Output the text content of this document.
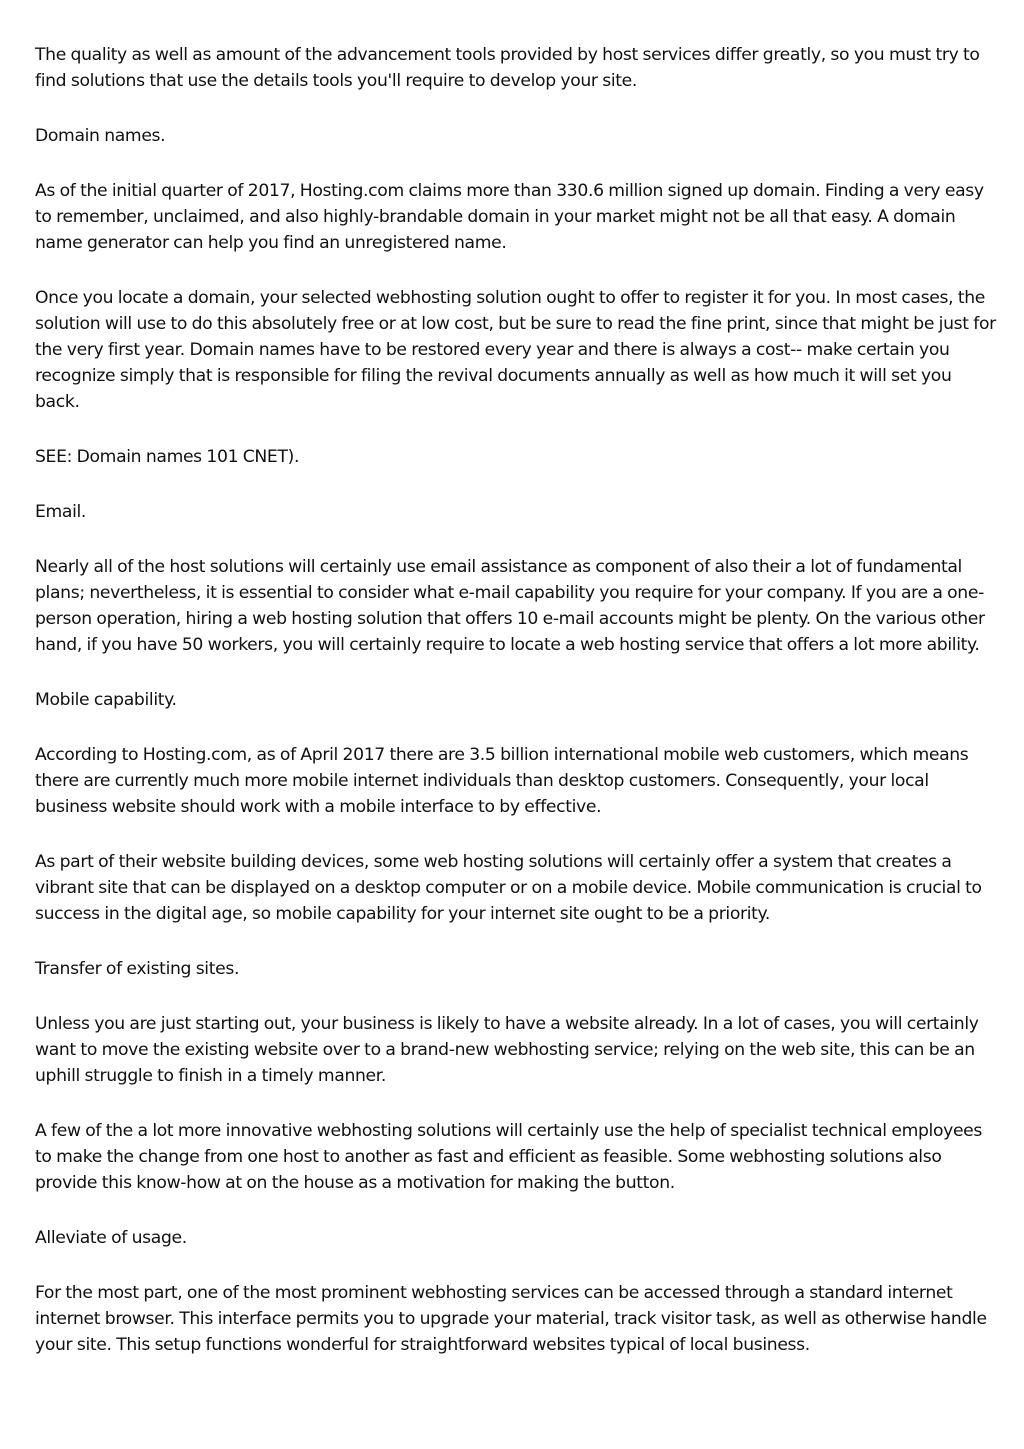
The quality as well as amount of the advancement tools provided by host services differ greatly, so you must try to find solutions that use the details tools you'll require to develop your site.

Domain names.

As of the initial quarter of 2017, Hosting.com claims more than 330.6 million signed up domain. Finding a very easy to remember, unclaimed, and also highly-brandable domain in your market might not be all that easy. A domain name generator can help you find an unregistered name.

Once you locate a domain, your selected webhosting solution ought to offer to register it for you. In most cases, the solution will use to do this absolutely free or at low cost, but be sure to read the fine print, since that might be just for the very first year. Domain names have to be restored every year and there is always a cost-- make certain you recognize simply that is responsible for filing the revival documents annually as well as how much it will set you back.

SEE: Domain names 101 CNET).

Email.

Nearly all of the host solutions will certainly use email assistance as component of also their a lot of fundamental plans; nevertheless, it is essential to consider what e-mail capability you require for your company. If you are a one-person operation, hiring a web hosting solution that offers 10 e-mail accounts might be plenty. On the various other hand, if you have 50 workers, you will certainly require to locate a web hosting service that offers a lot more ability.

Mobile capability.

According to Hosting.com, as of April 2017 there are 3.5 billion international mobile web customers, which means there are currently much more mobile internet individuals than desktop customers. Consequently, your local business website should work with a mobile interface to by effective.

As part of their website building devices, some web hosting solutions will certainly offer a system that creates a vibrant site that can be displayed on a desktop computer or on a mobile device. Mobile communication is crucial to success in the digital age, so mobile capability for your internet site ought to be a priority.

Transfer of existing sites.

Unless you are just starting out, your business is likely to have a website already. In a lot of cases, you will certainly want to move the existing website over to a brand-new webhosting service; relying on the web site, this can be an uphill struggle to finish in a timely manner.

A few of the a lot more innovative webhosting solutions will certainly use the help of specialist technical employees to make the change from one host to another as fast and efficient as feasible. Some webhosting solutions also provide this know-how at on the house as a motivation for making the button.

Alleviate of usage.

For the most part, one of the most prominent webhosting services can be accessed through a standard internet internet browser. This interface permits you to upgrade your material, track visitor task, as well as otherwise handle your site. This setup functions wonderful for straightforward websites typical of local business.
